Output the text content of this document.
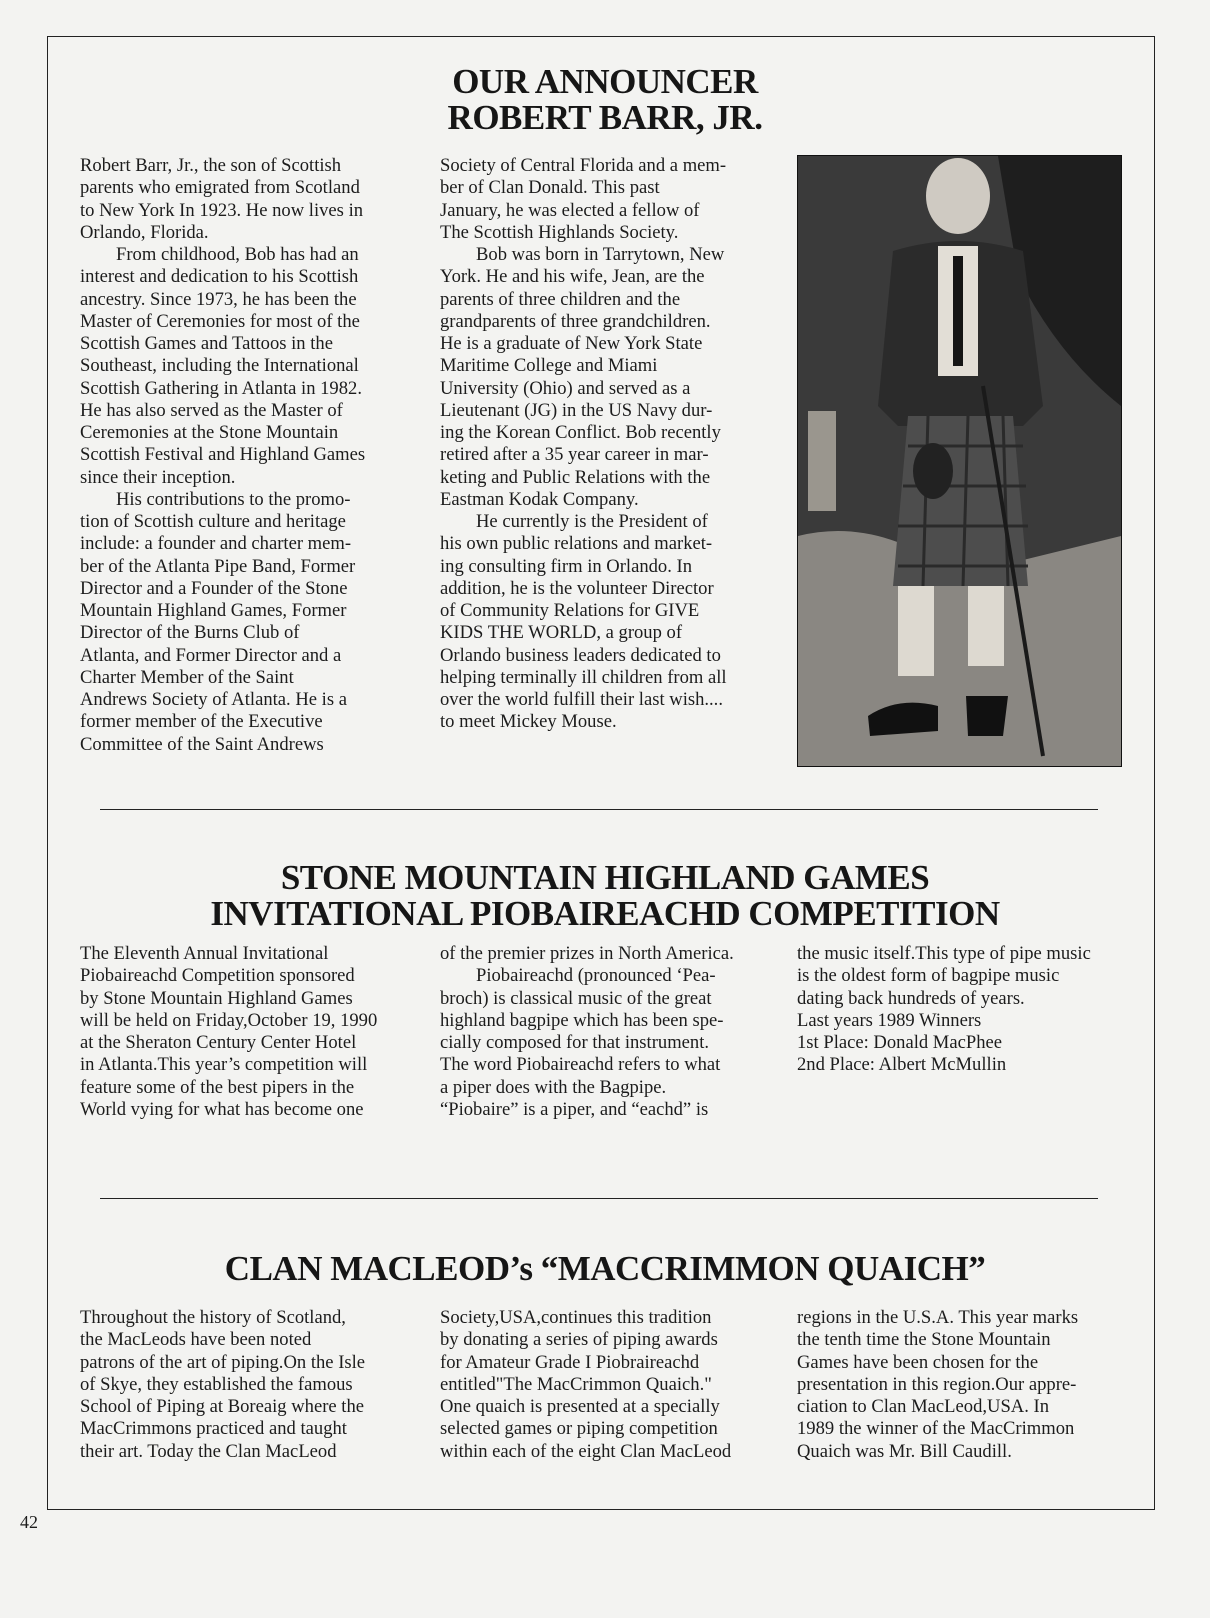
OUR ANNOUNCER
ROBERT BARR, JR.
Robert Barr, Jr., the son of Scottish
parents who emigrated from Scotland
to New York In 1923. He now lives in
Orlando, Florida.
From childhood, Bob has had an
interest and dedication to his Scottish
ancestry. Since 1973, he has been the
Master of Ceremonies for most of the
Scottish Games and Tattoos in the
Southeast, including the International
Scottish Gathering in Atlanta in 1982.
He has also served as the Master of
Ceremonies at the Stone Mountain
Scottish Festival and Highland Games
since their inception.
His contributions to the promo-
tion of Scottish culture and heritage
include: a founder and charter mem-
ber of the Atlanta Pipe Band, Former
Director and a Founder of the Stone
Mountain Highland Games, Former
Director of the Burns Club of
Atlanta, and Former Director and a
Charter Member of the Saint
Andrews Society of Atlanta. He is a
former member of the Executive
Committee of the Saint Andrews
Society of Central Florida and a mem-
ber of Clan Donald. This past
January, he was elected a fellow of
The Scottish Highlands Society.
Bob was born in Tarrytown, New
York. He and his wife, Jean, are the
parents of three children and the
grandparents of three grandchildren.
He is a graduate of New York State
Maritime College and Miami
University (Ohio) and served as a
Lieutenant (JG) in the US Navy dur-
ing the Korean Conflict. Bob recently
retired after a 35 year career in mar-
keting and Public Relations with the
Eastman Kodak Company.
He currently is the President of
his own public relations and market-
ing consulting firm in Orlando. In
addition, he is the volunteer Director
of Community Relations for GIVE
KIDS THE WORLD, a group of
Orlando business leaders dedicated to
helping terminally ill children from all
over the world fulfill their last wish....
to meet Mickey Mouse.
STONE MOUNTAIN HIGHLAND GAMES
INVITATIONAL PIOBAIREACHD COMPETITION
The Eleventh Annual Invitational
Piobaireachd Competition sponsored
by Stone Mountain Highland Games
will be held on Friday,October 19, 1990
at the Sheraton Century Center Hotel
in Atlanta.This year’s competition will
feature some of the best pipers in the
World vying for what has become one
of the premier prizes in North America.
Piobaireachd (pronounced ‘Pea-
broch) is classical music of the great
highland bagpipe which has been spe-
cially composed for that instrument.
The word Piobaireachd refers to what
a piper does with the Bagpipe.
“Piobaire” is a piper, and “eachd” is
the music itself.This type of pipe music
is the oldest form of bagpipe music
dating back hundreds of years.
Last years 1989 Winners
1st Place: Donald MacPhee
2nd Place: Albert McMullin
CLAN MACLEOD’s “MACCRIMMON QUAICH”
Throughout the history of Scotland,
the MacLeods have been noted
patrons of the art of piping.On the Isle
of Skye, they established the famous
School of Piping at Boreaig where the
MacCrimmons practiced and taught
their art. Today the Clan MacLeod
Society,USA,continues this tradition
by donating a series of piping awards
for Amateur Grade I Piobraireachd
entitled"The MacCrimmon Quaich."
One quaich is presented at a specially
selected games or piping competition
within each of the eight Clan MacLeod
regions in the U.S.A. This year marks
the tenth time the Stone Mountain
Games have been chosen for the
presentation in this region.Our appre-
ciation to Clan MacLeod,USA. In
1989 the winner of the MacCrimmon
Quaich was Mr. Bill Caudill.
42
